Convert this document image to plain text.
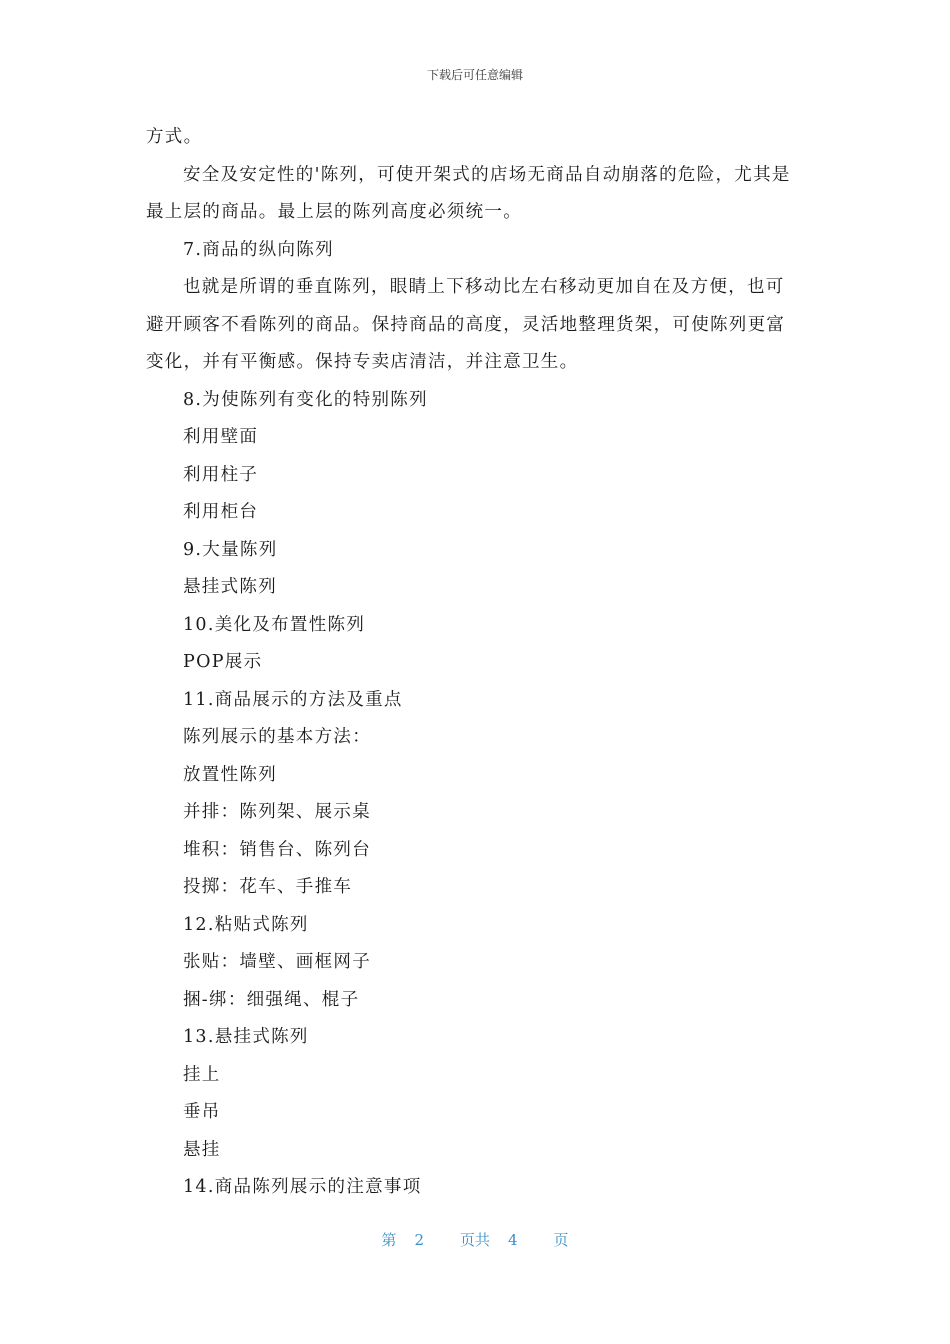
下载后可任意编辑
方式。
安全及安定性的'陈列，可使开架式的店场无商品自动崩落的危险，尤其是
最上层的商品。最上层的陈列高度必须统一。
7.商品的纵向陈列
也就是所谓的垂直陈列，眼睛上下移动比左右移动更加自在及方便，也可
避开顾客不看陈列的商品。保持商品的高度，灵活地整理货架，可使陈列更富
变化，并有平衡感。保持专卖店清洁，并注意卫生。
8.为使陈列有变化的特别陈列
利用壁面
利用柱子
利用柜台
9.大量陈列
悬挂式陈列
10.美化及布置性陈列
POP展示
11.商品展示的方法及重点
陈列展示的基本方法：
放置性陈列
并排：陈列架、展示桌
堆积：销售台、陈列台
投掷：花车、手推车
12.粘贴式陈列
张贴：墙壁、画框网子
捆-绑：细强绳、棍子
13.悬挂式陈列
挂上
垂吊
悬挂
14.商品陈列展示的注意事项
第 2 页共 4 页
